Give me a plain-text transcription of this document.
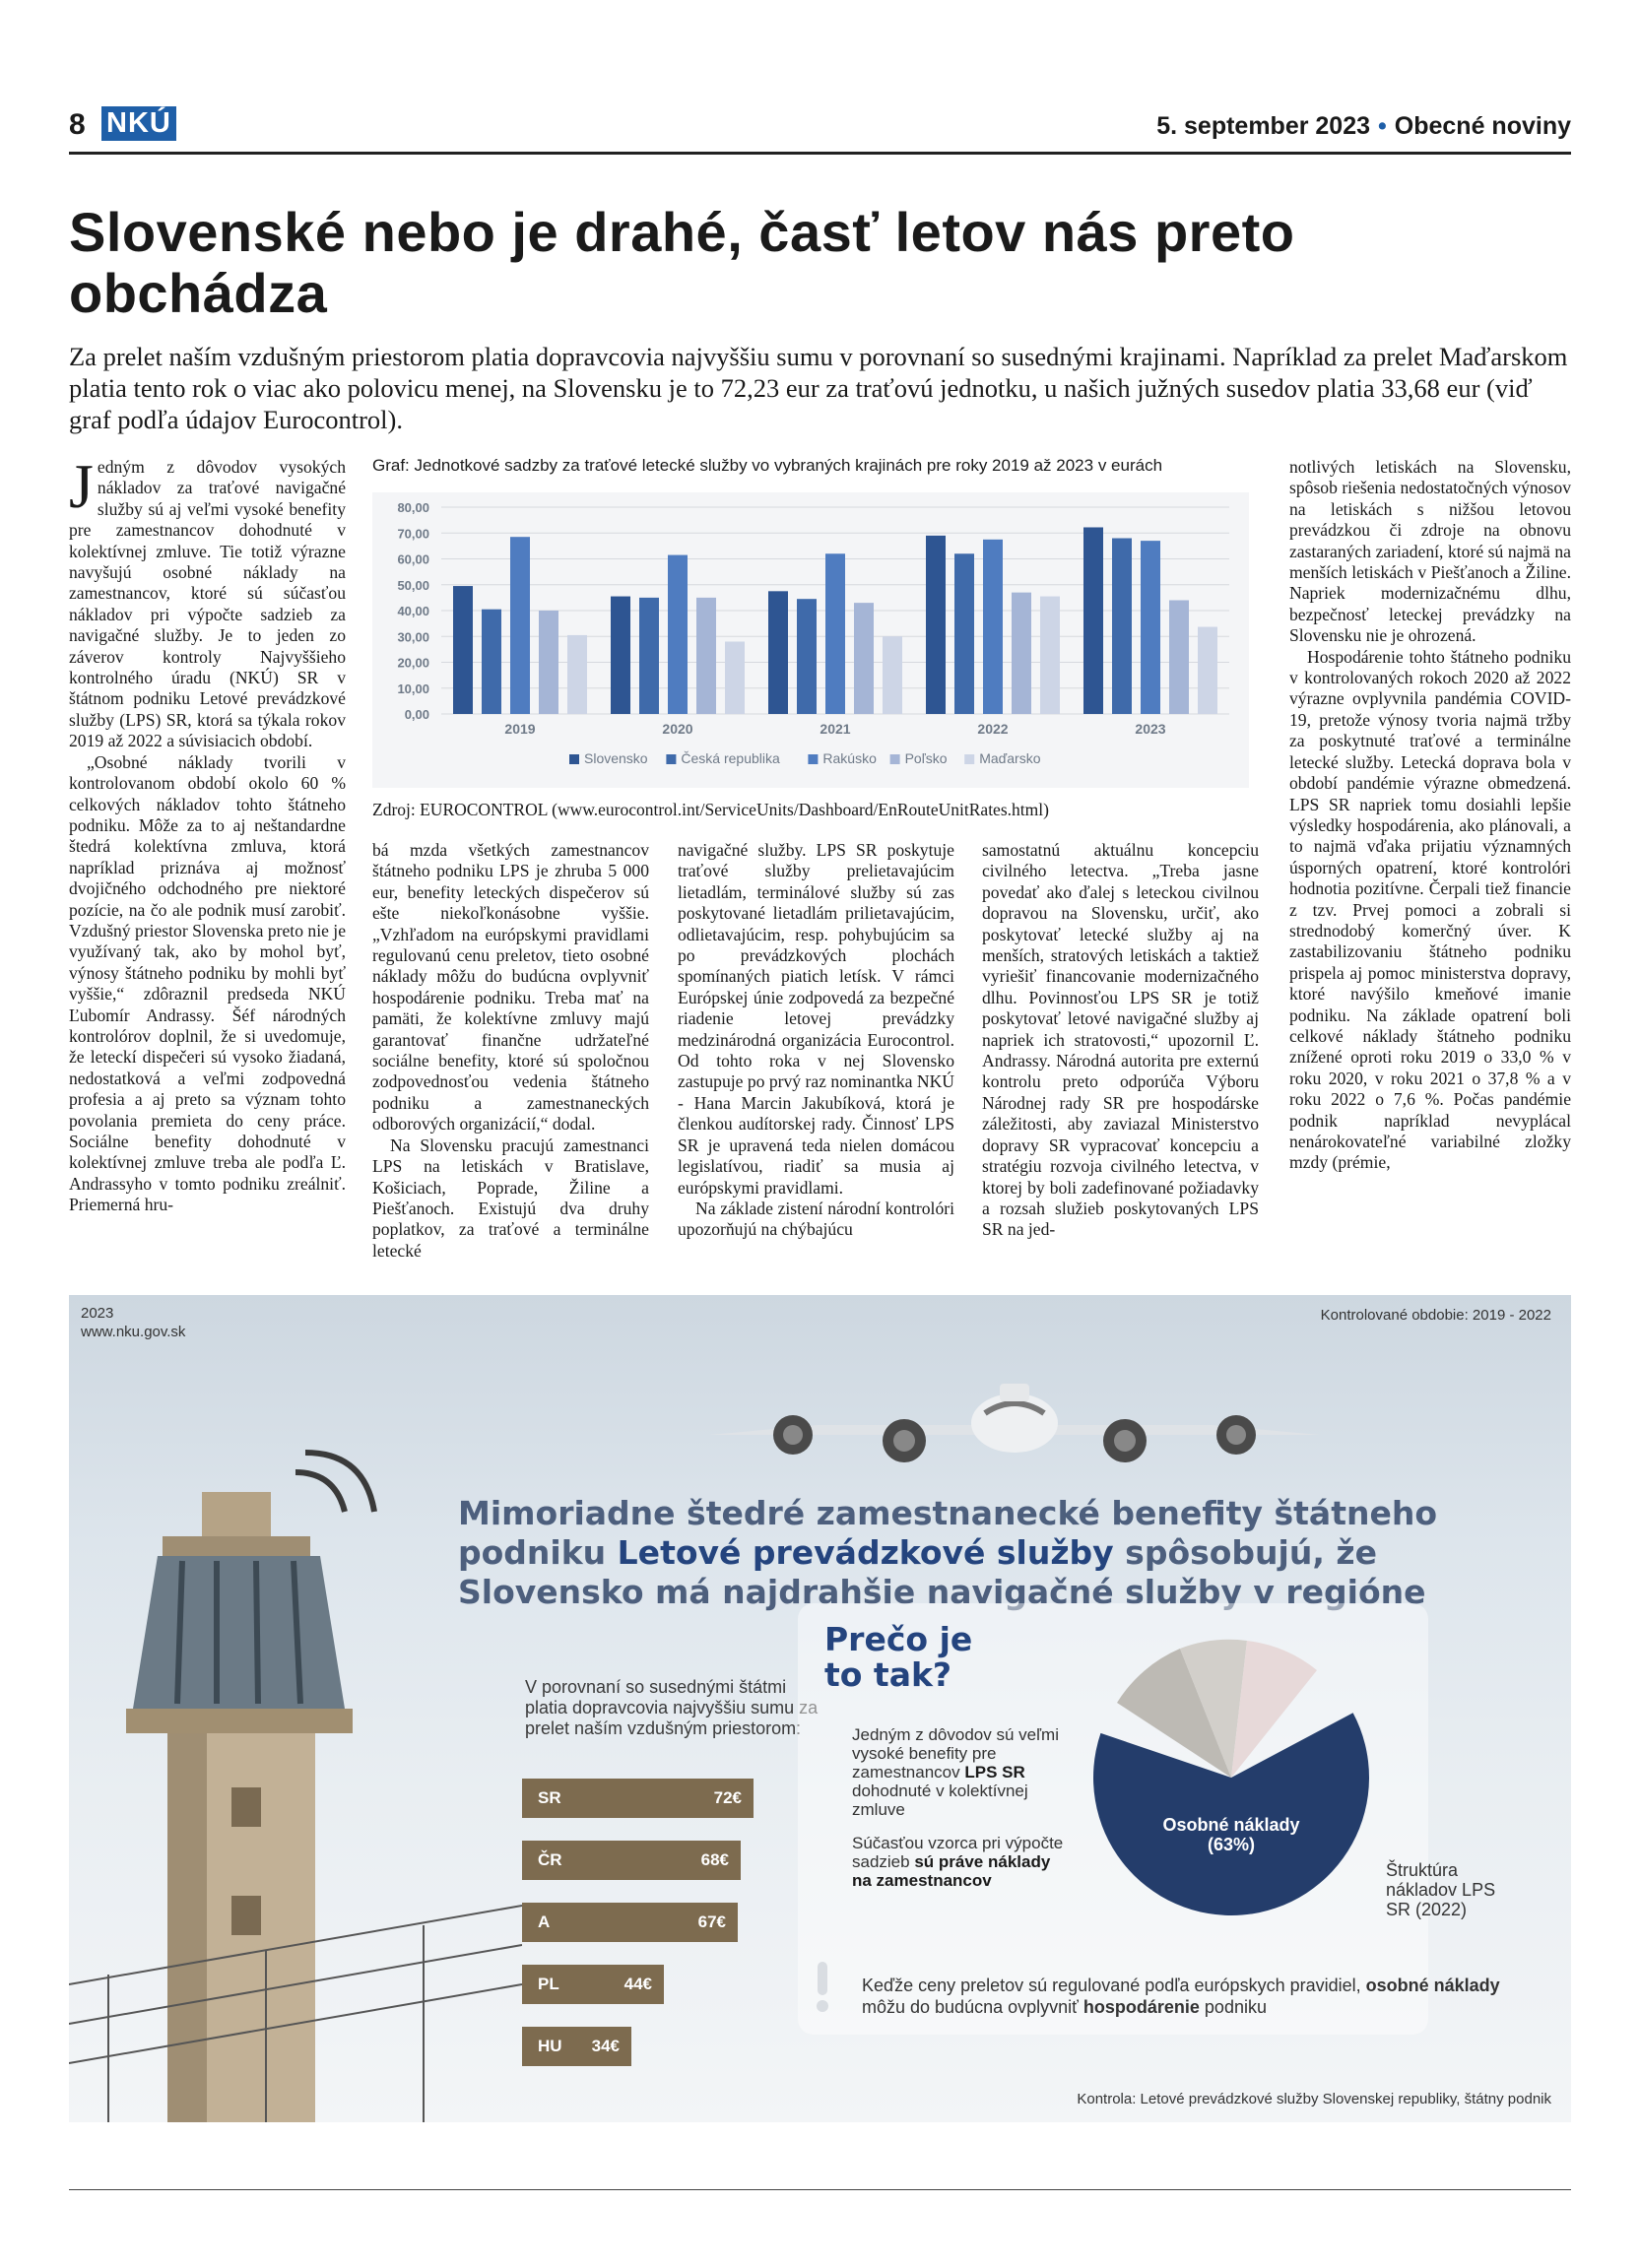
8 NKÚ	5. september 2023 • Obecné noviny
Slovenské nebo je drahé, časť letov nás preto obchádza

Za prelet naším vzdušným priestorom platia dopravcovia najvyššiu sumu v porovnaní so susednými krajinami. Napríklad za prelet Maďarskom platia tento rok o viac ako polovicu menej, na Slovensku je to 72,23 eur za traťovú jednotku, u našich južných susedov platia 33,68 eur (viď graf podľa údajov Eurocontrol).

Jedným z dôvodov vysokých nákladov za traťové navigačné služby sú aj veľmi vysoké benefity pre zamestnancov dohodnuté v kolektívnej zmluve. Tie totiž výrazne navyšujú osobné náklady na zamestnancov, ktoré sú súčasťou nákladov pri výpočte sadzieb za navigačné služby. Je to jeden zo záverov kontroly Najvyššieho kontrolného úradu (NKÚ) SR v štátnom podniku Letové prevádzkové služby (LPS) SR, ktorá sa týkala rokov 2019 až 2022 a súvisiacich období.

„Osobné náklady tvorili v kontrolovanom období okolo 60 % celkových nákladov tohto štátneho podniku. Môže za to aj neštandardne štedrá kolektívna zmluva, ktorá napríklad priznáva aj možnosť dvojičného odchodného pre niektoré pozície, na čo ale podnik musí zarobiť. Vzdušný priestor Slovenska preto nie je využívaný tak, ako by mohol byť, výnosy štátneho podniku by mohli byť vyššie,“ zdôraznil predseda NKÚ Ľubomír Andrassy. Šéf národných kontrolórov doplnil, že si uvedomuje, že leteckí dispečeri sú vysoko žiadaná, nedostatková a veľmi zodpovedná profesia a aj preto sa význam tohto povolania premieta do ceny práce. Sociálne benefity dohodnuté v kolektívnej zmluve treba ale podľa Ľ. Andrassyho v tomto podniku zreálniť. Priemerná hru-

Graf: Jednotkové sadzby za traťové letecké služby vo vybraných krajinách pre roky 2019 až 2023 v eurách
0,00
10,00
20,00
30,00
40,00
50,00
60,00
70,00
80,00
2019	2020	2021	2022	2023
Slovensko Česká republika	Rakúsko Poľsko Maďarsko
Zdroj: EUROCONTROL (www.eurocontrol.int/ServiceUnits/Dashboard/EnRouteUnitRates.html)

bá mzda všetkých zamestnancov štátneho podniku LPS je zhruba 5 000 eur, benefity leteckých dispečerov sú ešte niekoľkonásobne vyššie. „Vzhľadom na európskymi pravidlami regulovanú cenu preletov, tieto osobné náklady môžu do budúcna ovplyvniť hospodárenie podniku. Treba mať na pamäti, že kolektívne zmluvy majú garantovať finančne udržateľné sociálne benefity, ktoré sú spoločnou zodpovednosťou vedenia štátneho podniku a zamestnaneckých odborových organizácií,“ dodal.

Na Slovensku pracujú zamestnanci LPS na letiskách v Bratislave, Košiciach, Poprade, Žiline a Piešťanoch. Existujú dva druhy poplatkov, za traťové a terminálne letecké

navigačné služby. LPS SR poskytuje traťové služby prelietavajúcim lietadlám, terminálové služby sú zas poskytované lietadlám prilietavajúcim, odlietavajúcim, resp. pohybujúcim sa po prevádzkových plochách spomínaných piatich letísk. V rámci Európskej únie zodpovedá za bezpečné riadenie letovej prevádzky medzinárodná organizácia Eurocontrol. Od tohto roka v nej Slovensko zastupuje po prvý raz nominantka NKÚ - Hana Marcin Jakubíková, ktorá je členkou audítorskej rady. Činnosť LPS SR je upravená teda nielen domácou legislatívou, riadiť sa musia aj európskymi pravidlami.

Na základe zistení národní kontrolóri upozorňujú na chýbajúcu

samostatnú aktuálnu koncepciu civilného letectva. „Treba jasne povedať ako ďalej s leteckou civilnou dopravou na Slovensku, určiť, ako poskytovať letecké služby aj na menších, stratových letiskách a taktiež vyriešiť financovanie modernizačného dlhu. Povinnosťou LPS SR je totiž poskytovať letové navigačné služby aj napriek ich stratovosti,“ upozornil Ľ. Andrassy. Národná autorita pre externú kontrolu preto odporúča Výboru Národnej rady SR pre hospodárske záležitosti, aby zaviazal Ministerstvo dopravy SR vypracovať koncepciu a stratégiu rozvoja civilného letectva, v ktorej by boli zadefinované požiadavky a rozsah služieb poskytovaných LPS SR na jed-

notlivých letiskách na Slovensku, spôsob riešenia nedostatočných výnosov na letiskách s nižšou letovou prevádzkou či zdroje na obnovu zastaraných zariadení, ktoré sú najmä na menších letiskách v Piešťanoch a Žiline. Napriek modernizačnému dlhu, bezpečnosť leteckej prevádzky na Slovensku nie je ohrozená.

Hospodárenie tohto štátneho podniku v kontrolovaných rokoch 2020 až 2022 výrazne ovplyvnila pandémia COVID-19, pretože výnosy tvoria najmä tržby za poskytnuté traťové a terminálne letecké služby. Letecká doprava bola v období pandémie výrazne obmedzená. LPS SR napriek tomu dosiahli lepšie výsledky hospodárenia, ako plánovali, a to najmä vďaka prijatiu významných úsporných opatrení, ktoré kontrolóri hodnotia pozitívne. Čerpali tiež financie z tzv. Prvej pomoci a zobrali si strednodobý komerčný úver. K zastabilizovaniu štátneho podniku prispela aj pomoc ministerstva dopravy, ktoré navýšilo kmeňové imanie podniku. Na základe opatrení boli celkové náklady štátneho podniku znížené oproti roku 2019 o 33,0 % v roku 2020, v roku 2021 o 37,8 % a v roku 2022 o 7,6 %. Počas pandémie podnik napríklad nevyplácal nenárokovateľné variabilné zložky mzdy (prémie,

2023
www.nku.gov.sk
Kontrolované obdobie: 2019 - 2022
Mimoriadne štedré zamestnanecké benefity štátneho podniku Letové prevádzkové služby spôsobujú, že Slovensko má najdrahšie navigačné služby v regióne
V porovnaní so susednými štátmi platia dopravcovia najvyššiu sumu za prelet naším vzdušným priestorom:
SR	72€
ČR	68€
A	67€
PL	44€
HU 34€
Prečo je
to tak?
Jedným z dôvodov sú veľmi vysoké benefity pre zamestnancov LPS SR dohodnuté v kolektívnej zmluve
Súčasťou vzorca pri výpočte sadzieb sú práve náklady na zamestnancov
Osobné náklady
(63%)
Štruktúra nákladov LPS SR (2022)
Keďže ceny preletov sú regulované podľa európskych pravidiel, osobné náklady môžu do budúcna ovplyvniť hospodárenie podniku
Kontrola: Letové prevádzkové služby Slovenskej republiky, štátny podnik
